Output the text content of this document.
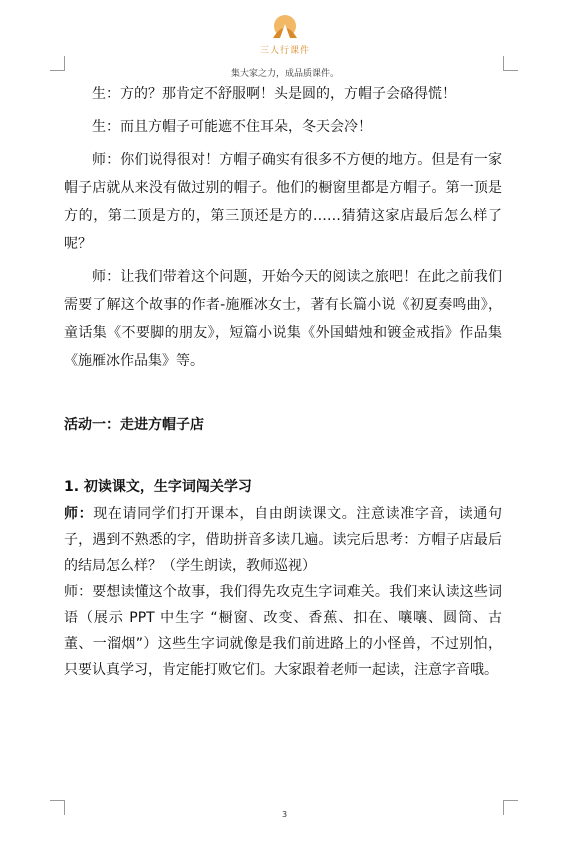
三人行课件
集大家之力，成品质课件。

生：方的？那肯定不舒服啊！头是圆的，方帽子会硌得慌！

生：而且方帽子可能遮不住耳朵，冬天会冷！

师：你们说得很对！方帽子确实有很多不方便的地方。但是有一家帽子店就从来没有做过别的帽子。他们的橱窗里都是方帽子。第一顶是方的，第二顶是方的，第三顶还是方的……猜猜这家店最后怎么样了呢？

师：让我们带着这个问题，开始今天的阅读之旅吧！在此之前我们需要了解这个故事的作者-施雁冰女士，著有长篇小说《初夏奏鸣曲》，童话集《不要脚的朋友》，短篇小说集《外国蜡烛和镀金戒指》作品集《施雁冰作品集》等。

活动一：走进方帽子店

1. 初读课文，生字词闯关学习

师：现在请同学们打开课本，自由朗读课文。注意读准字音，读通句子，遇到不熟悉的字，借助拼音多读几遍。读完后思考：方帽子店最后的结局怎么样？（学生朗读，教师巡视）

师：要想读懂这个故事，我们得先攻克生字词难关。我们来认读这些词语（展示 PPT 中生字 “橱窗、改变、香蕉、扣在、嚷嚷、圆筒、古董、一溜烟”）这些生字词就像是我们前进路上的小怪兽，不过别怕，只要认真学习，肯定能打败它们。大家跟着老师一起读，注意字音哦。

3
